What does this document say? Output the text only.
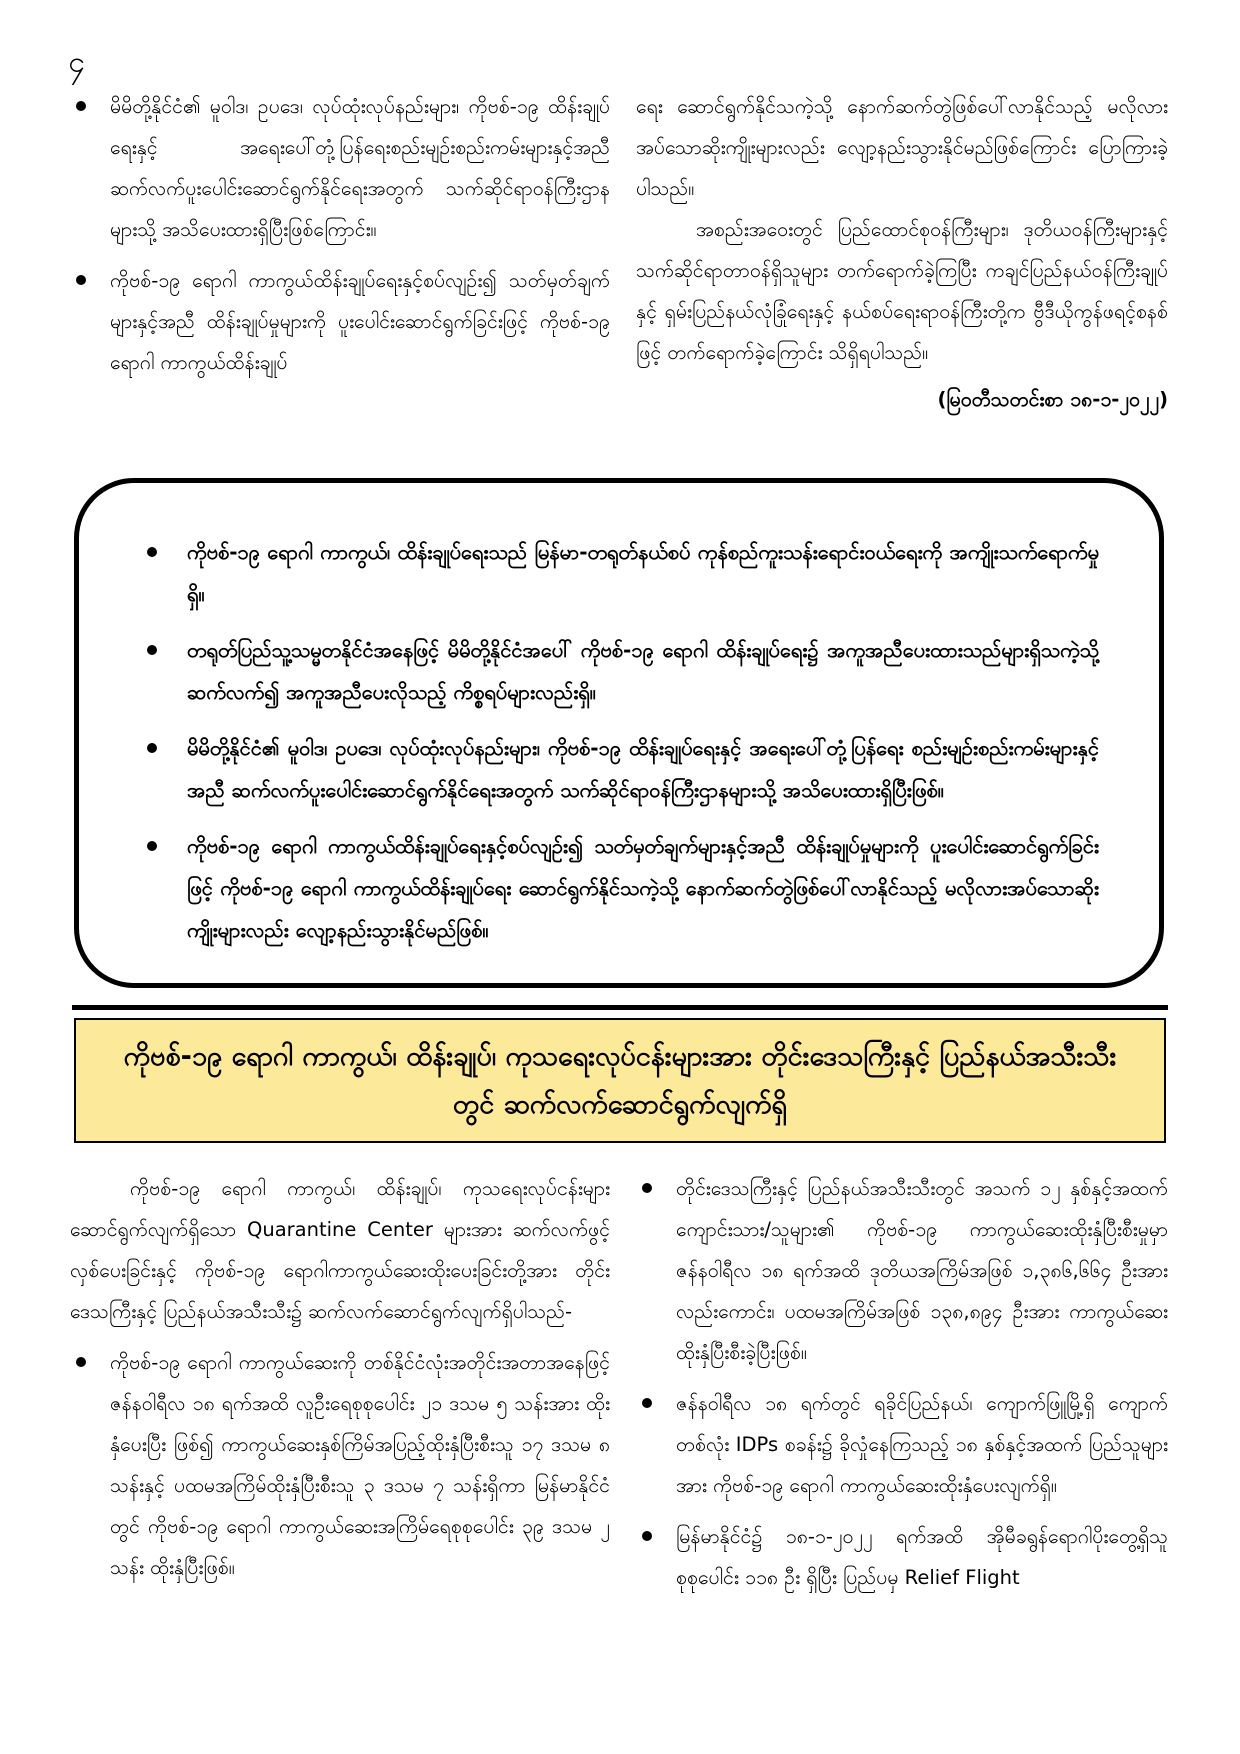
၄
မိမိတို့နိုင်ငံ၏ မူဝါဒ၊ ဥပဒေ၊ လုပ်ထုံးလုပ်နည်းများ၊ ကိုဗစ်-၁၉ ထိန်းချုပ်ရေးနှင့် အရေးပေါ်တုံ့ပြန်ရေးစည်းမျဉ်းစည်းကမ်းများနှင့်အညီ ဆက်လက်ပူးပေါင်းဆောင်ရွက်နိုင်ရေးအတွက် သက်ဆိုင်ရာဝန်ကြီးဌာနများသို့ အသိပေးထားရှိပြီးဖြစ်ကြောင်း။
ကိုဗစ်-၁၉ ရောဂါ ကာကွယ်ထိန်းချုပ်ရေးနှင့်စပ်လျဉ်း၍ သတ်မှတ်ချက်များနှင့်အညီ ထိန်းချုပ်မှုများကို ပူးပေါင်းဆောင်ရွက်ခြင်းဖြင့် ကိုဗစ်-၁၉ ရောဂါ ကာကွယ်ထိန်းချုပ်

ရေး ဆောင်ရွက်နိုင်သကဲ့သို့ နောက်ဆက်တွဲဖြစ်ပေါ်လာနိုင်သည့် မလိုလားအပ်သောဆိုးကျိုးများလည်း လျော့နည်းသွားနိုင်မည်ဖြစ်ကြောင်း ပြောကြားခဲ့ပါသည်။

အစည်းအဝေးတွင် ပြည်ထောင်စုဝန်ကြီးများ၊ ဒုတိယဝန်ကြီးများနှင့် သက်ဆိုင်ရာတာဝန်ရှိသူများ တက်ရောက်ခဲ့ကြပြီး ကချင်ပြည်နယ်ဝန်ကြီးချုပ်နှင့် ရှမ်းပြည်နယ်လုံခြုံရေးနှင့် နယ်စပ်ရေးရာဝန်ကြီးတို့က ဗွီဒီယိုကွန်ဖရင့်စနစ်ဖြင့် တက်ရောက်ခဲ့ကြောင်း သိရှိရပါသည်။

(မြဝတီသတင်းစာ ၁၈-၁-၂၀၂၂)
ကိုဗစ်-၁၉ ရောဂါ ကာကွယ်၊ ထိန်းချုပ်ရေးသည် မြန်မာ-တရုတ်နယ်စပ် ကုန်စည်ကူးသန်းရောင်းဝယ်ရေးကို အကျိုးသက်ရောက်မှုရှိ။
တရုတ်ပြည်သူ့သမ္မတနိုင်ငံအနေဖြင့် မိမိတို့နိုင်ငံအပေါ် ကိုဗစ်-၁၉ ရောဂါ ထိန်းချုပ်ရေး၌ အကူအညီပေးထားသည်များရှိသကဲ့သို့ ဆက်လက်၍ အကူအညီပေးလိုသည့် ကိစ္စရပ်များလည်းရှိ။
မိမိတို့နိုင်ငံ၏ မူဝါဒ၊ ဥပဒေ၊ လုပ်ထုံးလုပ်နည်းများ၊ ကိုဗစ်-၁၉ ထိန်းချုပ်ရေးနှင့် အရေးပေါ်တုံ့ပြန်ရေး စည်းမျဉ်းစည်းကမ်းများနှင့်အညီ ဆက်လက်ပူးပေါင်းဆောင်ရွက်နိုင်ရေးအတွက် သက်ဆိုင်ရာဝန်ကြီးဌာနများသို့ အသိပေးထားရှိပြီးဖြစ်။
ကိုဗစ်-၁၉ ရောဂါ ကာကွယ်ထိန်းချုပ်ရေးနှင့်စပ်လျဉ်း၍ သတ်မှတ်ချက်များနှင့်အညီ ထိန်းချုပ်မှုများကို ပူးပေါင်းဆောင်ရွက်ခြင်းဖြင့် ကိုဗစ်-၁၉ ရောဂါ ကာကွယ်ထိန်းချုပ်ရေး ဆောင်ရွက်နိုင်သကဲ့သို့ နောက်ဆက်တွဲဖြစ်ပေါ်လာနိုင်သည့် မလိုလားအပ်သောဆိုးကျိုးများလည်း လျော့နည်းသွားနိုင်မည်ဖြစ်။
ကိုဗစ်-၁၉ ရောဂါ ကာကွယ်၊ ထိန်းချုပ်၊ ကုသရေးလုပ်ငန်းများအား တိုင်းဒေသကြီးနှင့် ပြည်နယ်အသီးသီးတွင် ဆက်လက်ဆောင်ရွက်လျက်ရှိ

ကိုဗစ်-၁၉ ရောဂါ ကာကွယ်၊ ထိန်းချုပ်၊ ကုသရေးလုပ်ငန်းများဆောင်ရွက်လျက်ရှိသော Quarantine Center များအား ဆက်လက်ဖွင့်လှစ်ပေးခြင်းနှင့် ကိုဗစ်-၁၉ ရောဂါကာကွယ်ဆေးထိုးပေးခြင်းတို့အား တိုင်းဒေသကြီးနှင့် ပြည်နယ်အသီးသီး၌ ဆက်လက်ဆောင်ရွက်လျက်ရှိပါသည်-

ကိုဗစ်-၁၉ ရောဂါ ကာကွယ်ဆေးကို တစ်နိုင်ငံလုံးအတိုင်းအတာအနေဖြင့် ဇန်နဝါရီလ ၁၈ ရက်အထိ လူဦးရေစုစုပေါင်း ၂၁ ဒသမ ၅ သန်းအား ထိုးနှံပေးပြီး ဖြစ်၍ ကာကွယ်ဆေးနှစ်ကြိမ်အပြည့်ထိုးနှံပြီးစီးသူ ၁၇ ဒသမ ၈ သန်းနှင့် ပထမအကြိမ်ထိုးနှံပြီးစီးသူ ၃ ဒသမ ၇ သန်းရှိကာ မြန်မာနိုင်ငံတွင် ကိုဗစ်-၁၉ ရောဂါ ကာကွယ်ဆေးအကြိမ်ရေစုစုပေါင်း ၃၉ ဒသမ ၂ သန်း ထိုးနှံပြီးဖြစ်။
တိုင်းဒေသကြီးနှင့် ပြည်နယ်အသီးသီးတွင် အသက် ၁၂ နှစ်နှင့်အထက် ကျောင်းသား/သူများ၏ ကိုဗစ်-၁၉ ကာကွယ်ဆေးထိုးနှံပြီးစီးမှုမှာ ဇန်နဝါရီလ ၁၈ ရက်အထိ ဒုတိယအကြိမ်အဖြစ် ၁,၃၈၆,၆၆၄ ဦးအားလည်းကောင်း၊ ပထမအကြိမ်အဖြစ် ၁၃၈,၈၉၄ ဦးအား ကာကွယ်ဆေးထိုးနှံပြီးစီးခဲ့ပြီးဖြစ်။
ဇန်နဝါရီလ ၁၈ ရက်တွင် ရခိုင်ပြည်နယ်၊ ကျောက်ဖြူမြို့ရှိ ကျောက်တစ်လုံး IDPs စခန်း၌ ခိုလှုံနေကြသည့် ၁၈ နှစ်နှင့်အထက် ပြည်သူများအား ကိုဗစ်-၁၉ ရောဂါ ကာကွယ်ဆေးထိုးနှံပေးလျက်ရှိ။
မြန်မာနိုင်ငံ၌ ၁၈-၁-၂၀၂၂ ရက်အထိ အိုမီခရွန်ရောဂါပိုးတွေ့ရှိသူစုစုပေါင်း ၁၁၈ ဦး ရှိပြီး ပြည်ပမှ Relief Flight
